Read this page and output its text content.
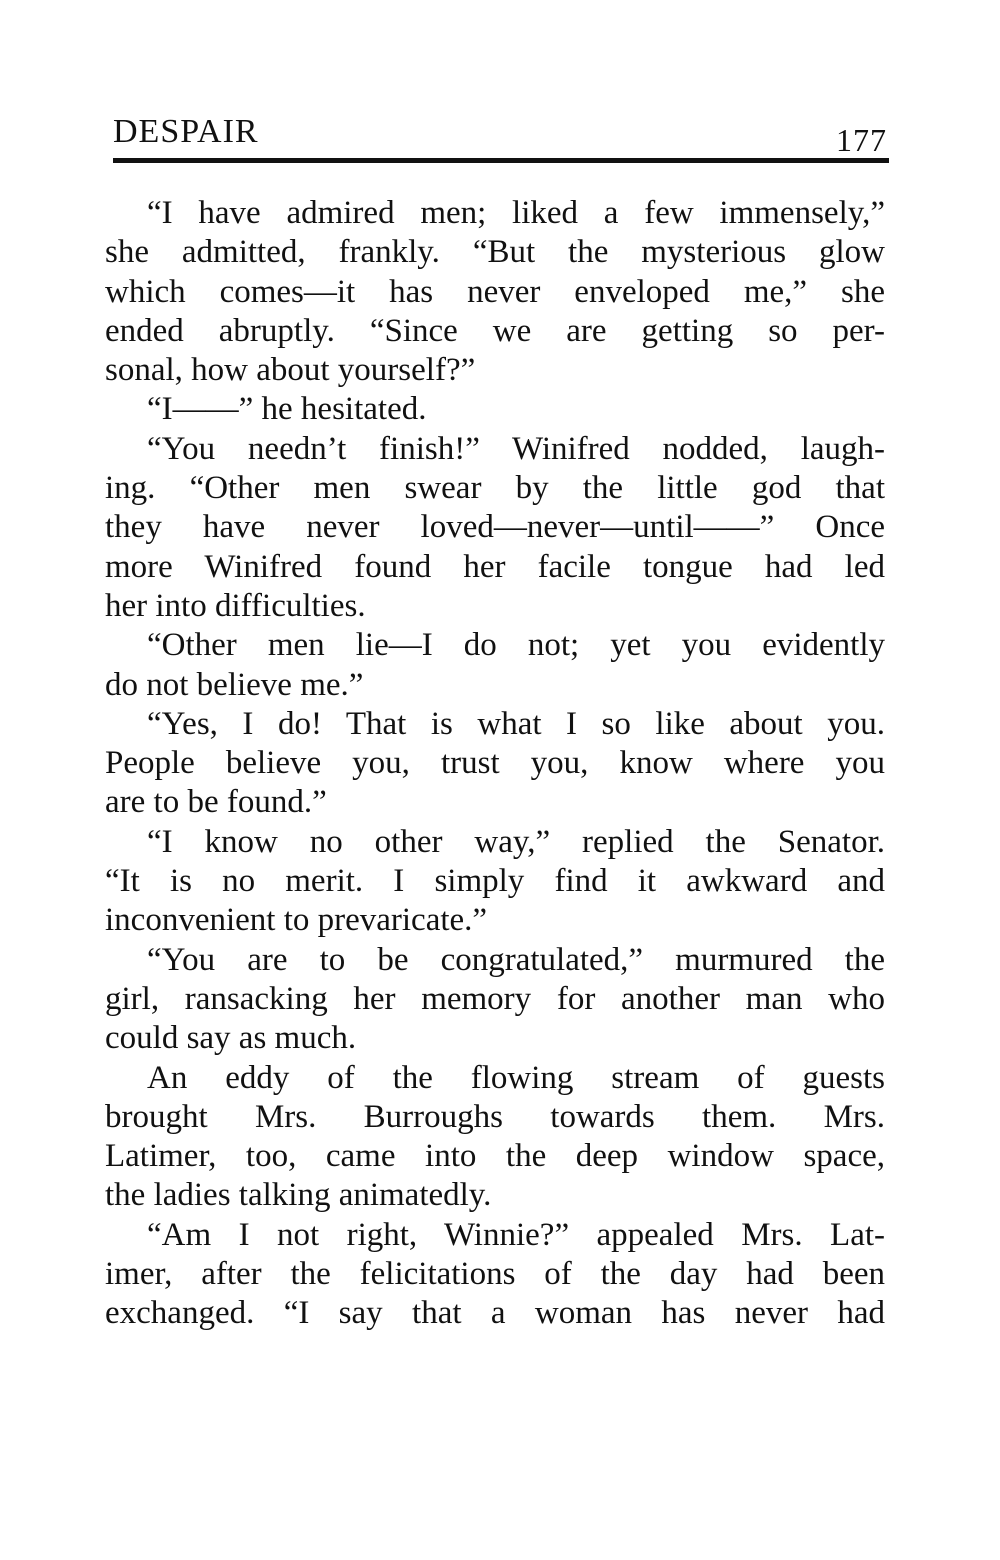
DESPAIR	177
“I have admired men; liked a few immensely,”
she admitted, frankly. “But the mysterious glow
which comes—it has never enveloped me,” she
ended abruptly. “Since we are getting so per-
sonal, how about yourself?”
“I——” he hesitated.
“You needn’t finish!” Winifred nodded, laugh-
ing. “Other men swear by the little god that
they have never loved—never—until——” Once
more Winifred found her facile tongue had led
her into difficulties.
“Other men lie—I do not; yet you evidently
do not believe me.”
“Yes, I do! That is what I so like about you.
People believe you, trust you, know where you
are to be found.”
“I know no other way,” replied the Senator.
“It is no merit. I simply find it awkward and
inconvenient to prevaricate.”
“You are to be congratulated,” murmured the
girl, ransacking her memory for another man who
could say as much.
An eddy of the flowing stream of guests
brought Mrs. Burroughs towards them. Mrs.
Latimer, too, came into the deep window space,
the ladies talking animatedly.
“Am I not right, Winnie?” appealed Mrs. Lat-
imer, after the felicitations of the day had been
exchanged. “I say that a woman has never had
